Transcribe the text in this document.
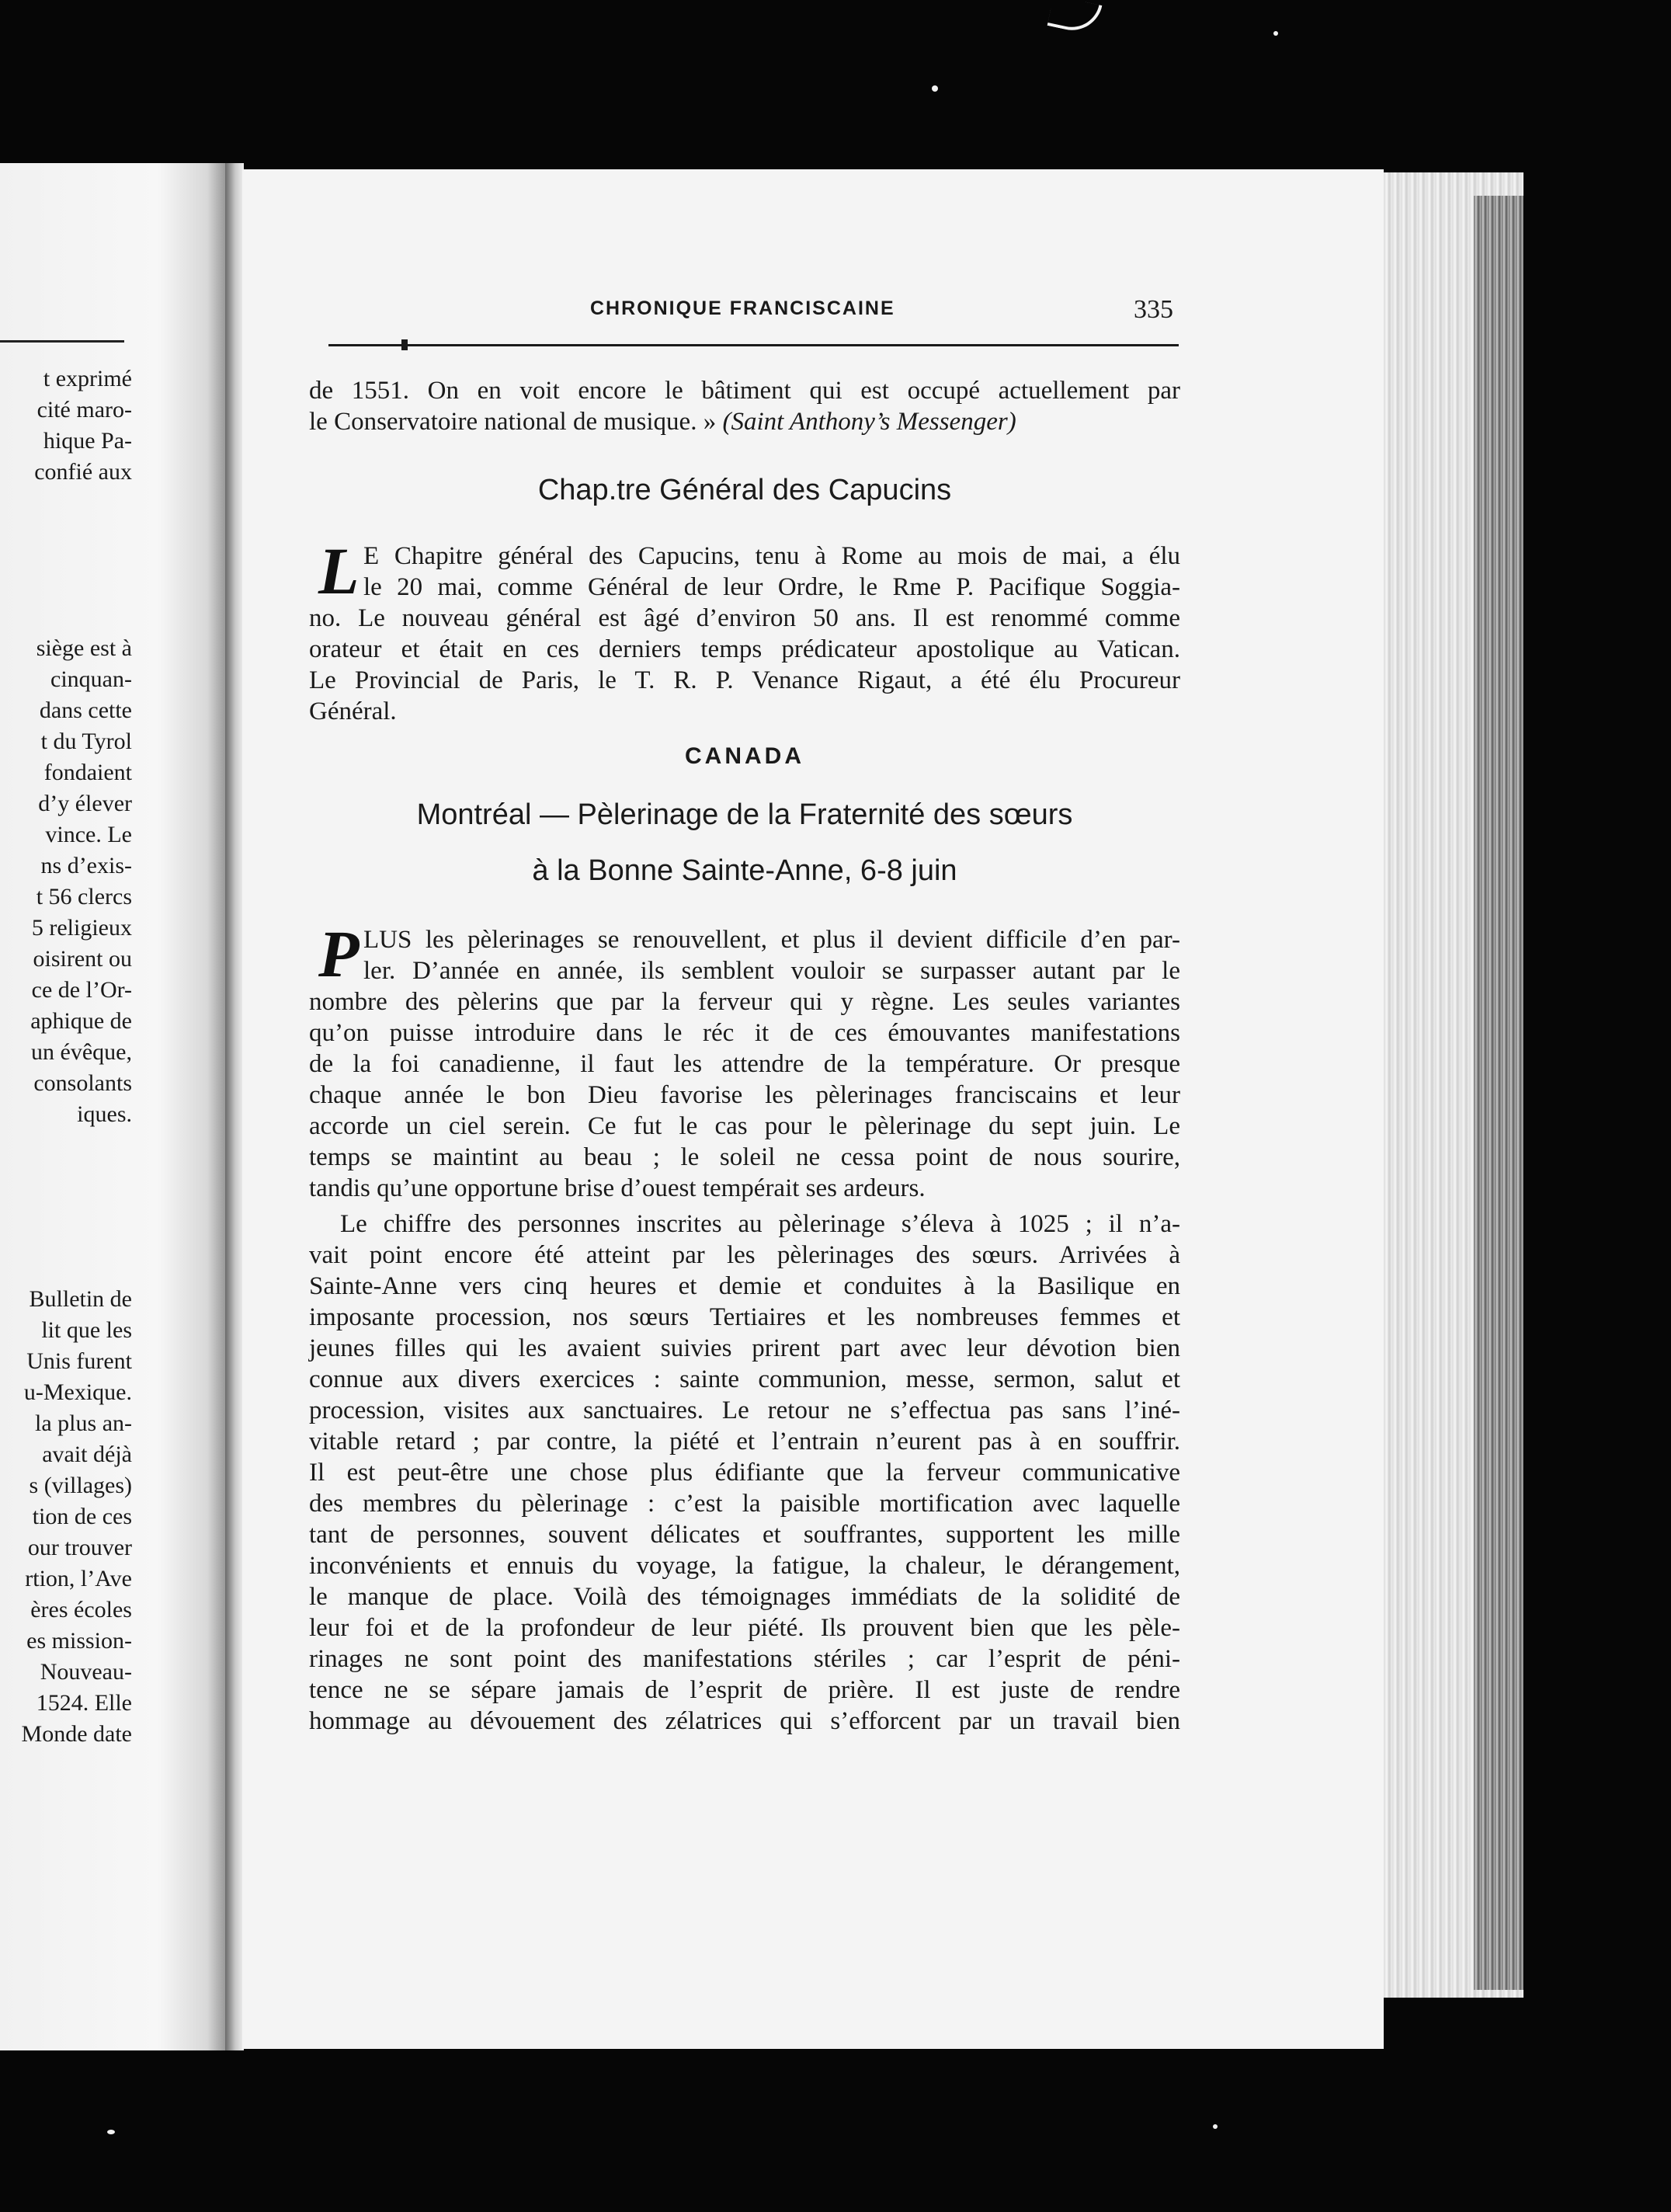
t exprimé
cité maro-
hique Pa-
confié aux
siège est à
cinquan-
dans cette
t du Tyrol
fondaient
d’y élever
vince. Le
ns d’exis-
t 56 clercs
5 religieux
oisirent ou
ce de l’Or-
aphique de
un évêque,
consolants
iques.
Bulletin de
lit que les
Unis furent
u-Mexique.
la plus an-
avait déjà
s (villages)
tion de ces
our trouver
rtion, l’Ave
ères écoles
es mission-
Nouveau-
1524. Elle
Monde date
CHRONIQUE FRANCISCAINE	335
de 1551. On en voit encore le bâtiment qui est occupé actuellement par
le Conservatoire national de musique. » (Saint Anthony’s Messenger)
Chap.tre Général des Capucins
L E Chapitre général des Capucins, tenu à Rome au mois de mai, a élu
le 20 mai, comme Général de leur Ordre, le Rme P. Pacifique Soggia-
no. Le nouveau général est âgé d’environ 50 ans. Il est renommé comme
orateur et était en ces derniers temps prédicateur apostolique au Vatican.
Le Provincial de Paris, le T. R. P. Venance Rigaut, a été élu Procureur
Général.
CANADA
Montréal — Pèlerinage de la Fraternité des sœurs
à la Bonne Sainte-Anne, 6-8 juin
P LUS les pèlerinages se renouvellent, et plus il devient difficile d’en par-
ler. D’année en année, ils semblent vouloir se surpasser autant par le
nombre des pèlerins que par la ferveur qui y règne. Les seules variantes
qu’on puisse introduire dans le réc it de ces émouvantes manifestations
de la foi canadienne, il faut les attendre de la température. Or presque
chaque année le bon Dieu favorise les pèlerinages franciscains et leur
accorde un ciel serein. Ce fut le cas pour le pèlerinage du sept juin. Le
temps se maintint au beau ; le soleil ne cessa point de nous sourire,
tandis qu’une opportune brise d’ouest tempérait ses ardeurs.
Le chiffre des personnes inscrites au pèlerinage s’éleva à 1025 ; il n’a-
vait point encore été atteint par les pèlerinages des sœurs. Arrivées à
Sainte-Anne vers cinq heures et demie et conduites à la Basilique en
imposante procession, nos sœurs Tertiaires et les nombreuses femmes et
jeunes filles qui les avaient suivies prirent part avec leur dévotion bien
connue aux divers exercices : sainte communion, messe, sermon, salut et
procession, visites aux sanctuaires. Le retour ne s’effectua pas sans l’iné-
vitable retard ; par contre, la piété et l’entrain n’eurent pas à en souffrir.
Il est peut-être une chose plus édifiante que la ferveur communicative
des membres du pèlerinage : c’est la paisible mortification avec laquelle
tant de personnes, souvent délicates et souffrantes, supportent les mille
inconvénients et ennuis du voyage, la fatigue, la chaleur, le dérangement,
le manque de place. Voilà des témoignages immédiats de la solidité de
leur foi et de la profondeur de leur piété. Ils prouvent bien que les pèle-
rinages ne sont point des manifestations stériles ; car l’esprit de péni-
tence ne se sépare jamais de l’esprit de prière. Il est juste de rendre
hommage au dévouement des zélatrices qui s’efforcent par un travail bien
